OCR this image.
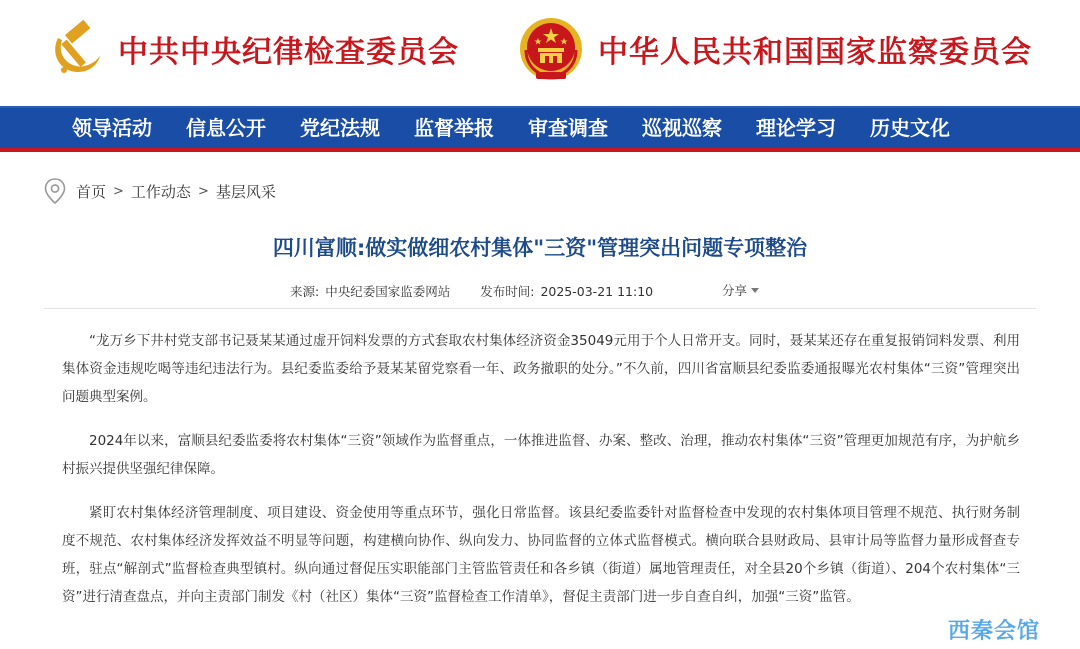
中共中央纪律检查委员会	中华人民共和国国家监察委员会
领导活动 信息公开 党纪法规 监督举报 审查调查 巡视巡察 理论学习 历史文化
首页 > 工作动态 > 基层风采
四川富顺:做实做细农村集体"三资"管理突出问题专项整治
来源: 中央纪委国家监委网站 发布时间: 2025-03-21 11:10	分享

“龙万乡下井村党支部书记聂某某通过虚开饲料发票的方式套取农村集体经济资金35049元用于个人日常开支。同时，聂某某还存在重复报销饲料发票、利用集体资金违规吃喝等违纪违法行为。县纪委监委给予聂某某留党察看一年、政务撤职的处分。”不久前，四川省富顺县纪委监委通报曝光农村集体“三资”管理突出问题典型案例。

2024年以来，富顺县纪委监委将农村集体“三资”领域作为监督重点，一体推进监督、办案、整改、治理，推动农村集体“三资”管理更加规范有序，为护航乡村振兴提供坚强纪律保障。

紧盯农村集体经济管理制度、项目建设、资金使用等重点环节，强化日常监督。该县纪委监委针对监督检查中发现的农村集体项目管理不规范、执行财务制度不规范、农村集体经济发挥效益不明显等问题，构建横向协作、纵向发力、协同监督的立体式监督模式。横向联合县财政局、县审计局等监督力量形成督查专班，驻点“解剖式”监督检查典型镇村。纵向通过督促压实职能部门主管监管责任和各乡镇（街道）属地管理责任，对全县20个乡镇（街道）、204个农村集体“三资”进行清查盘点，并向主责部门制发《村（社区）集体“三资”监督检查工作清单》，督促主责部门进一步自查自纠，加强“三资”监管。

西秦会馆
